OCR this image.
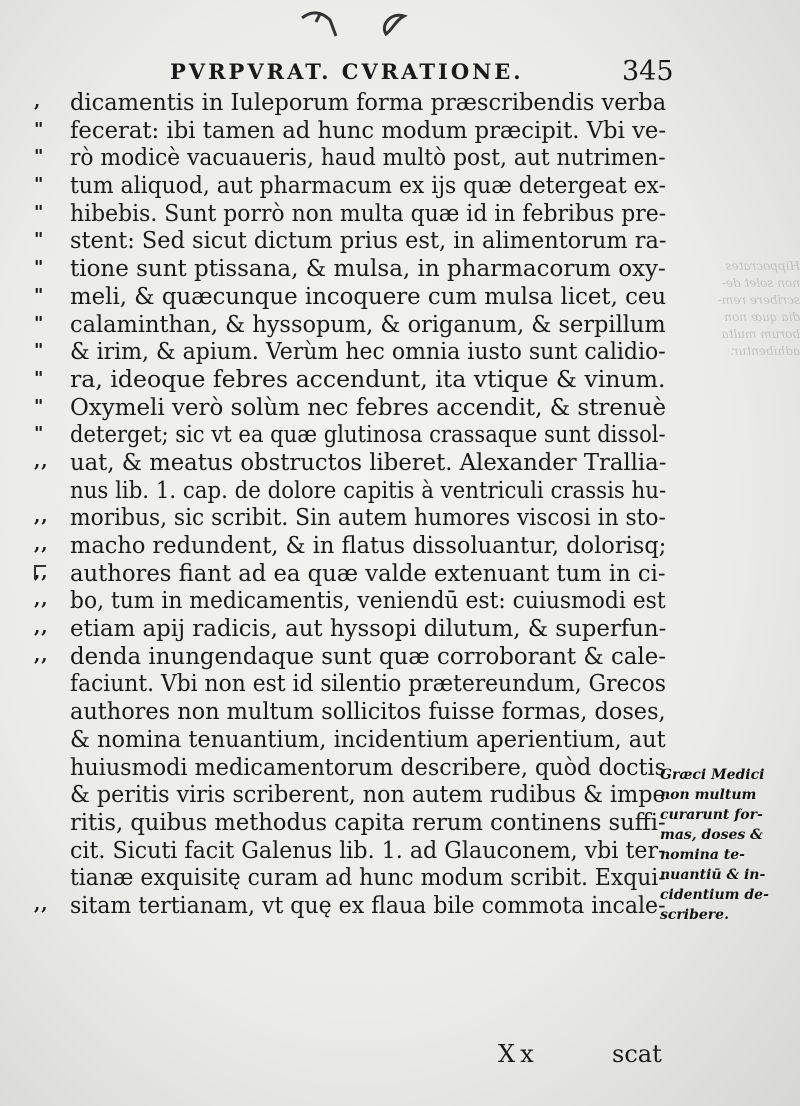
PVRPVRAT. CVRATIONE.	345
,	dicamentis in Iuleporum forma præscribendis verba
"	fecerat: ibi tamen ad hunc modum præcipit. Vbi ve-
"	rò modicè vacuaueris, haud multò post, aut nutrimen-
"	tum aliquod, aut pharmacum ex ijs quæ detergeat ex-
"	hibebis. Sunt porrò non multa quæ id in febribus pre-
"	stent: Sed sicut dictum prius est, in alimentorum ra-
"	tione sunt ptissana, & mulsa, in pharmacorum oxy-
"	meli, & quæcunque incoquere cum mulsa licet, ceu
"	calaminthan, & hyssopum, & origanum, & serpillum
"	& irim, & apium. Verùm hec omnia iusto sunt calidio-
"	ra, ideoque febres accendunt, ita vtique & vinum.
"	Oxymeli verò solùm nec febres accendit, & strenuè
"	deterget; sic vt ea quæ glutinosa crassaque sunt dissol-
,, uat, & meatus obstructos liberet. Alexander Trallia-
nus lib. 1. cap. de dolore capitis à ventriculi crassis hu-
,, moribus, sic scribit. Sin autem humores viscosi in sto-
,, macho redundent, & in flatus dissoluantur, dolorisq;
,, authores fiant ad ea quæ valde extenuant tum in ci-
,, bo, tum in medicamentis, veniendū est: cuiusmodi est
,, etiam apij radicis, aut hyssopi dilutum, & superfun-
,, denda inungendaque sunt quæ corroborant & cale-
faciunt. Vbi non est id silentio prætereundum, Grecos
authores non multum sollicitos fuisse formas, doses,
& nomina tenuantium, incidentium aperientium, aut
huiusmodi medicamentorum describere, quòd doctis
& peritis viris scriberent, non autem rudibus & impe
ritis, quibus methodus capita rerum continens suffi-
cit. Sicuti facit Galenus lib. 1. ad Glauconem, vbi ter-
tianæ exquisitę curam ad hunc modum scribit. Exqui-
,, sitam tertianam, vt quę ex flaua bile commota incale-
Hippocrates
non solet de-
scribere rem-
dia quæ non
borum multa
adhibentur.
Græci Medici
non multum
curarunt for-
mas, doses &
nomina te-
nuantiū & in-
cidentium de-
scribere.
Xx	scat
